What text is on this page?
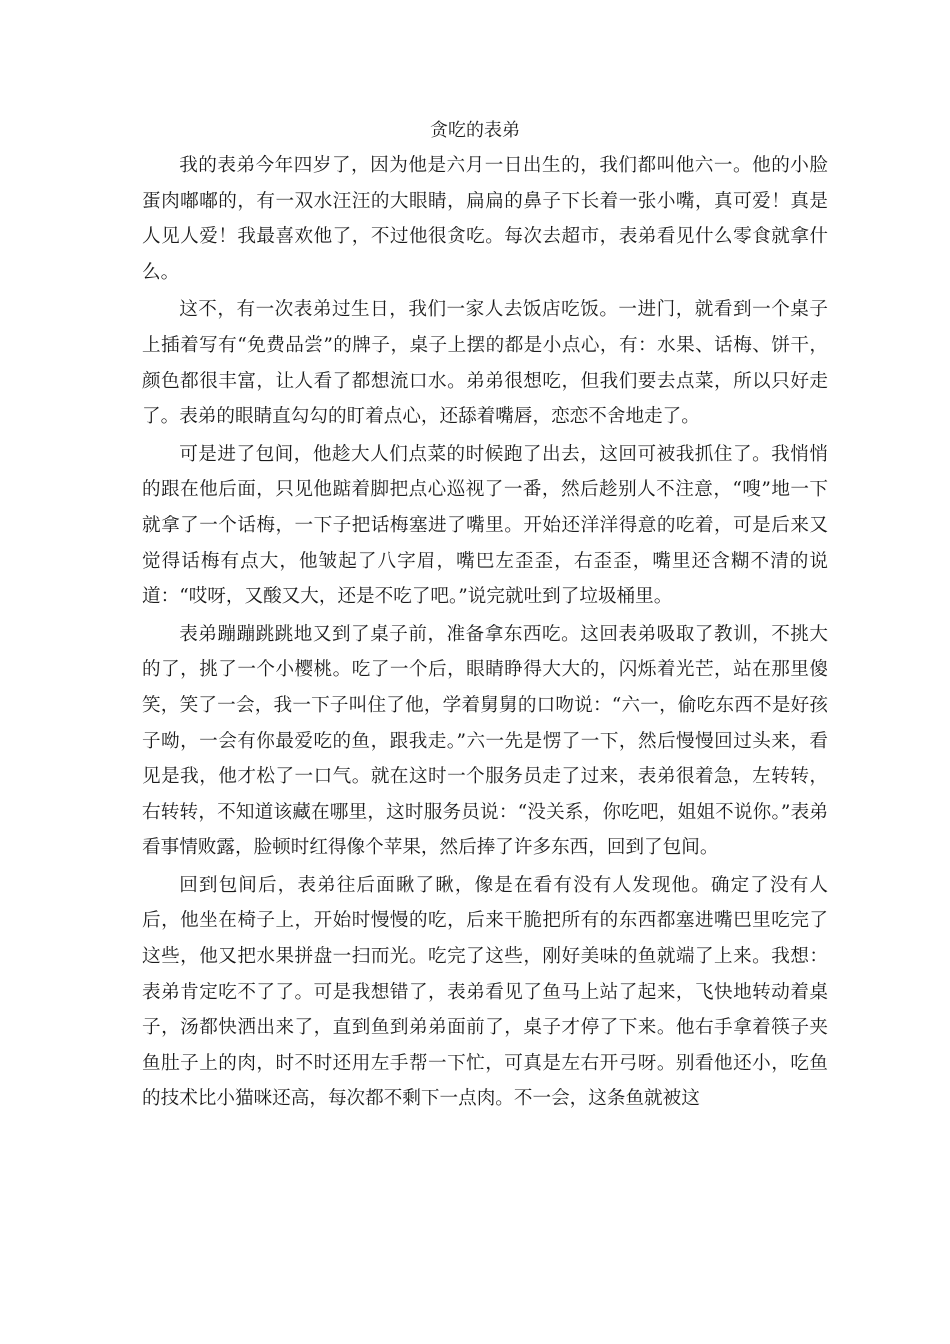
贪吃的表弟

我的表弟今年四岁了，因为他是六月一日出生的，我们都叫他六一。他的小脸蛋肉嘟嘟的，有一双水汪汪的大眼睛，扁扁的鼻子下长着一张小嘴，真可爱！真是人见人爱！我最喜欢他了，不过他很贪吃。每次去超市，表弟看见什么零食就拿什么。

这不，有一次表弟过生日，我们一家人去饭店吃饭。一进门，就看到一个桌子上插着写有“免费品尝”的牌子，桌子上摆的都是小点心，有：水果、话梅、饼干，颜色都很丰富，让人看了都想流口水。弟弟很想吃，但我们要去点菜，所以只好走了。表弟的眼睛直勾勾的盯着点心，还舔着嘴唇，恋恋不舍地走了。

可是进了包间，他趁大人们点菜的时候跑了出去，这回可被我抓住了。我悄悄的跟在他后面，只见他踮着脚把点心巡视了一番，然后趁别人不注意，“嗖”地一下就拿了一个话梅，一下子把话梅塞进了嘴里。开始还洋洋得意的吃着，可是后来又觉得话梅有点大，他皱起了八字眉，嘴巴左歪歪，右歪歪，嘴里还含糊不清的说道：“哎呀，又酸又大，还是不吃了吧。”说完就吐到了垃圾桶里。

表弟蹦蹦跳跳地又到了桌子前，准备拿东西吃。这回表弟吸取了教训，不挑大的了，挑了一个小樱桃。吃了一个后，眼睛睁得大大的，闪烁着光芒，站在那里傻笑，笑了一会，我一下子叫住了他，学着舅舅的口吻说：“六一，偷吃东西不是好孩子呦，一会有你最爱吃的鱼，跟我走。”六一先是愣了一下，然后慢慢回过头来，看见是我，他才松了一口气。就在这时一个服务员走了过来，表弟很着急，左转转，右转转，不知道该藏在哪里，这时服务员说：“没关系，你吃吧，姐姐不说你。”表弟看事情败露，脸顿时红得像个苹果，然后捧了许多东西，回到了包间。

回到包间后，表弟往后面瞅了瞅，像是在看有没有人发现他。确定了没有人后，他坐在椅子上，开始时慢慢的吃，后来干脆把所有的东西都塞进嘴巴里吃完了这些，他又把水果拼盘一扫而光。吃完了这些，刚好美味的鱼就端了上来。我想：表弟肯定吃不了了。可是我想错了，表弟看见了鱼马上站了起来，飞快地转动着桌子，汤都快洒出来了，直到鱼到弟弟面前了，桌子才停了下来。他右手拿着筷子夹鱼肚子上的肉，时不时还用左手帮一下忙，可真是左右开弓呀。别看他还小，吃鱼的技术比小猫咪还高，每次都不剩下一点肉。不一会，这条鱼就被这
